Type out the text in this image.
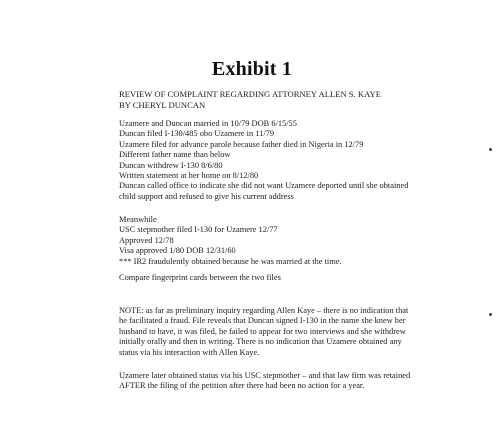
Exhibit 1
REVIEW OF COMPLAINT REGARDING ATTORNEY ALLEN S. KAYE
BY CHERYL DUNCAN
Uzamere and Duncan married in 10/79 DOB 6/15/55
Duncan filed I-130/485 obo Uzamere in 11/79
Uzamere filed for advance parole because father died in Nigeria in 12/79
Different father name than below
Duncan withdrew I-130 8/6/80
Written statement at her home on 8/12/80
Duncan called office to indicate she did not want Uzamere deported until she obtained
child support and refused to give his current address
Meanwhile
USC stepmother filed I-130 for Uzamere 12/77
Approved 12/78
Visa approved 1/80 DOB 12/31/60
*** IR2 fraudulently obtained because he was married at the time.
Compare fingerprint cards between the two files
NOTE: as far as preliminary inquiry regarding Allen Kaye – there is no indication that
he facilitated a fraud. File reveals that Duncan signed I-130 in the name she knew her
husband to have, it was filed, he failed to appear for two interviews and she withdrew
initially orally and then in writing. There is no indication that Uzamere obtained any
status via his interaction with Allen Kaye.
Uzamere later obtained status via his USC stepmother – and that law firm was retained
AFTER the filing of the petition after there had been no action for a year.
